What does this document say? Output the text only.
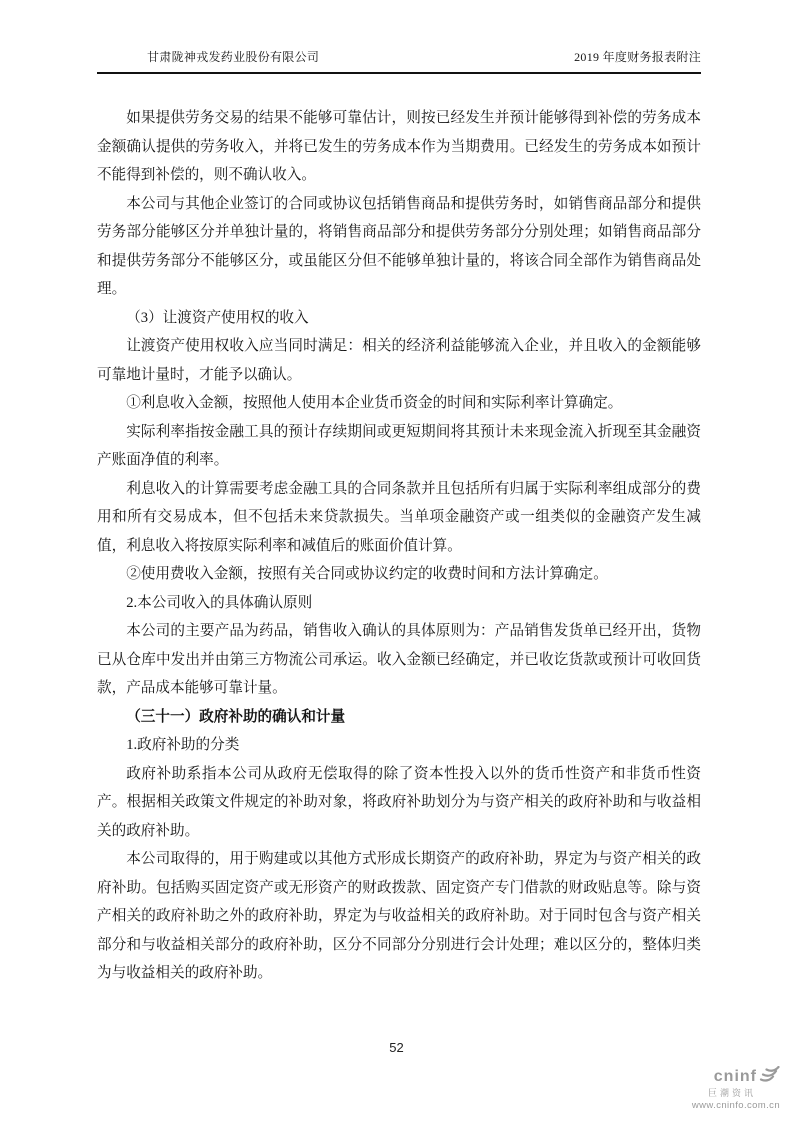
甘肃陇神戎发药业股份有限公司	2019 年度财务报表附注

如果提供劳务交易的结果不能够可靠估计，则按已经发生并预计能够得到补偿的劳务成本金额确认提供的劳务收入，并将已发生的劳务成本作为当期费用。已经发生的劳务成本如预计不能得到补偿的，则不确认收入。

本公司与其他企业签订的合同或协议包括销售商品和提供劳务时，如销售商品部分和提供劳务部分能够区分并单独计量的，将销售商品部分和提供劳务部分分别处理；如销售商品部分和提供劳务部分不能够区分，或虽能区分但不能够单独计量的，将该合同全部作为销售商品处理。

（3）让渡资产使用权的收入

让渡资产使用权收入应当同时满足：相关的经济利益能够流入企业，并且收入的金额能够可靠地计量时，才能予以确认。

①利息收入金额，按照他人使用本企业货币资金的时间和实际利率计算确定。

实际利率指按金融工具的预计存续期间或更短期间将其预计未来现金流入折现至其金融资产账面净值的利率。

利息收入的计算需要考虑金融工具的合同条款并且包括所有归属于实际利率组成部分的费用和所有交易成本，但不包括未来贷款损失。当单项金融资产或一组类似的金融资产发生减值，利息收入将按原实际利率和减值后的账面价值计算。

②使用费收入金额，按照有关合同或协议约定的收费时间和方法计算确定。

2.本公司收入的具体确认原则

本公司的主要产品为药品，销售收入确认的具体原则为：产品销售发货单已经开出，货物已从仓库中发出并由第三方物流公司承运。收入金额已经确定，并已收讫货款或预计可收回货款，产品成本能够可靠计量。

（三十一）政府补助的确认和计量

1.政府补助的分类

政府补助系指本公司从政府无偿取得的除了资本性投入以外的货币性资产和非货币性资产。根据相关政策文件规定的补助对象，将政府补助划分为与资产相关的政府补助和与收益相关的政府补助。

本公司取得的，用于购建或以其他方式形成长期资产的政府补助，界定为与资产相关的政府补助。包括购买固定资产或无形资产的财政拨款、固定资产专门借款的财政贴息等。除与资产相关的政府补助之外的政府补助，界定为与收益相关的政府补助。对于同时包含与资产相关部分和与收益相关部分的政府补助，区分不同部分分别进行会计处理；难以区分的，整体归类为与收益相关的政府补助。

52
cninf
巨潮资讯
www.cninfo.com.cn
